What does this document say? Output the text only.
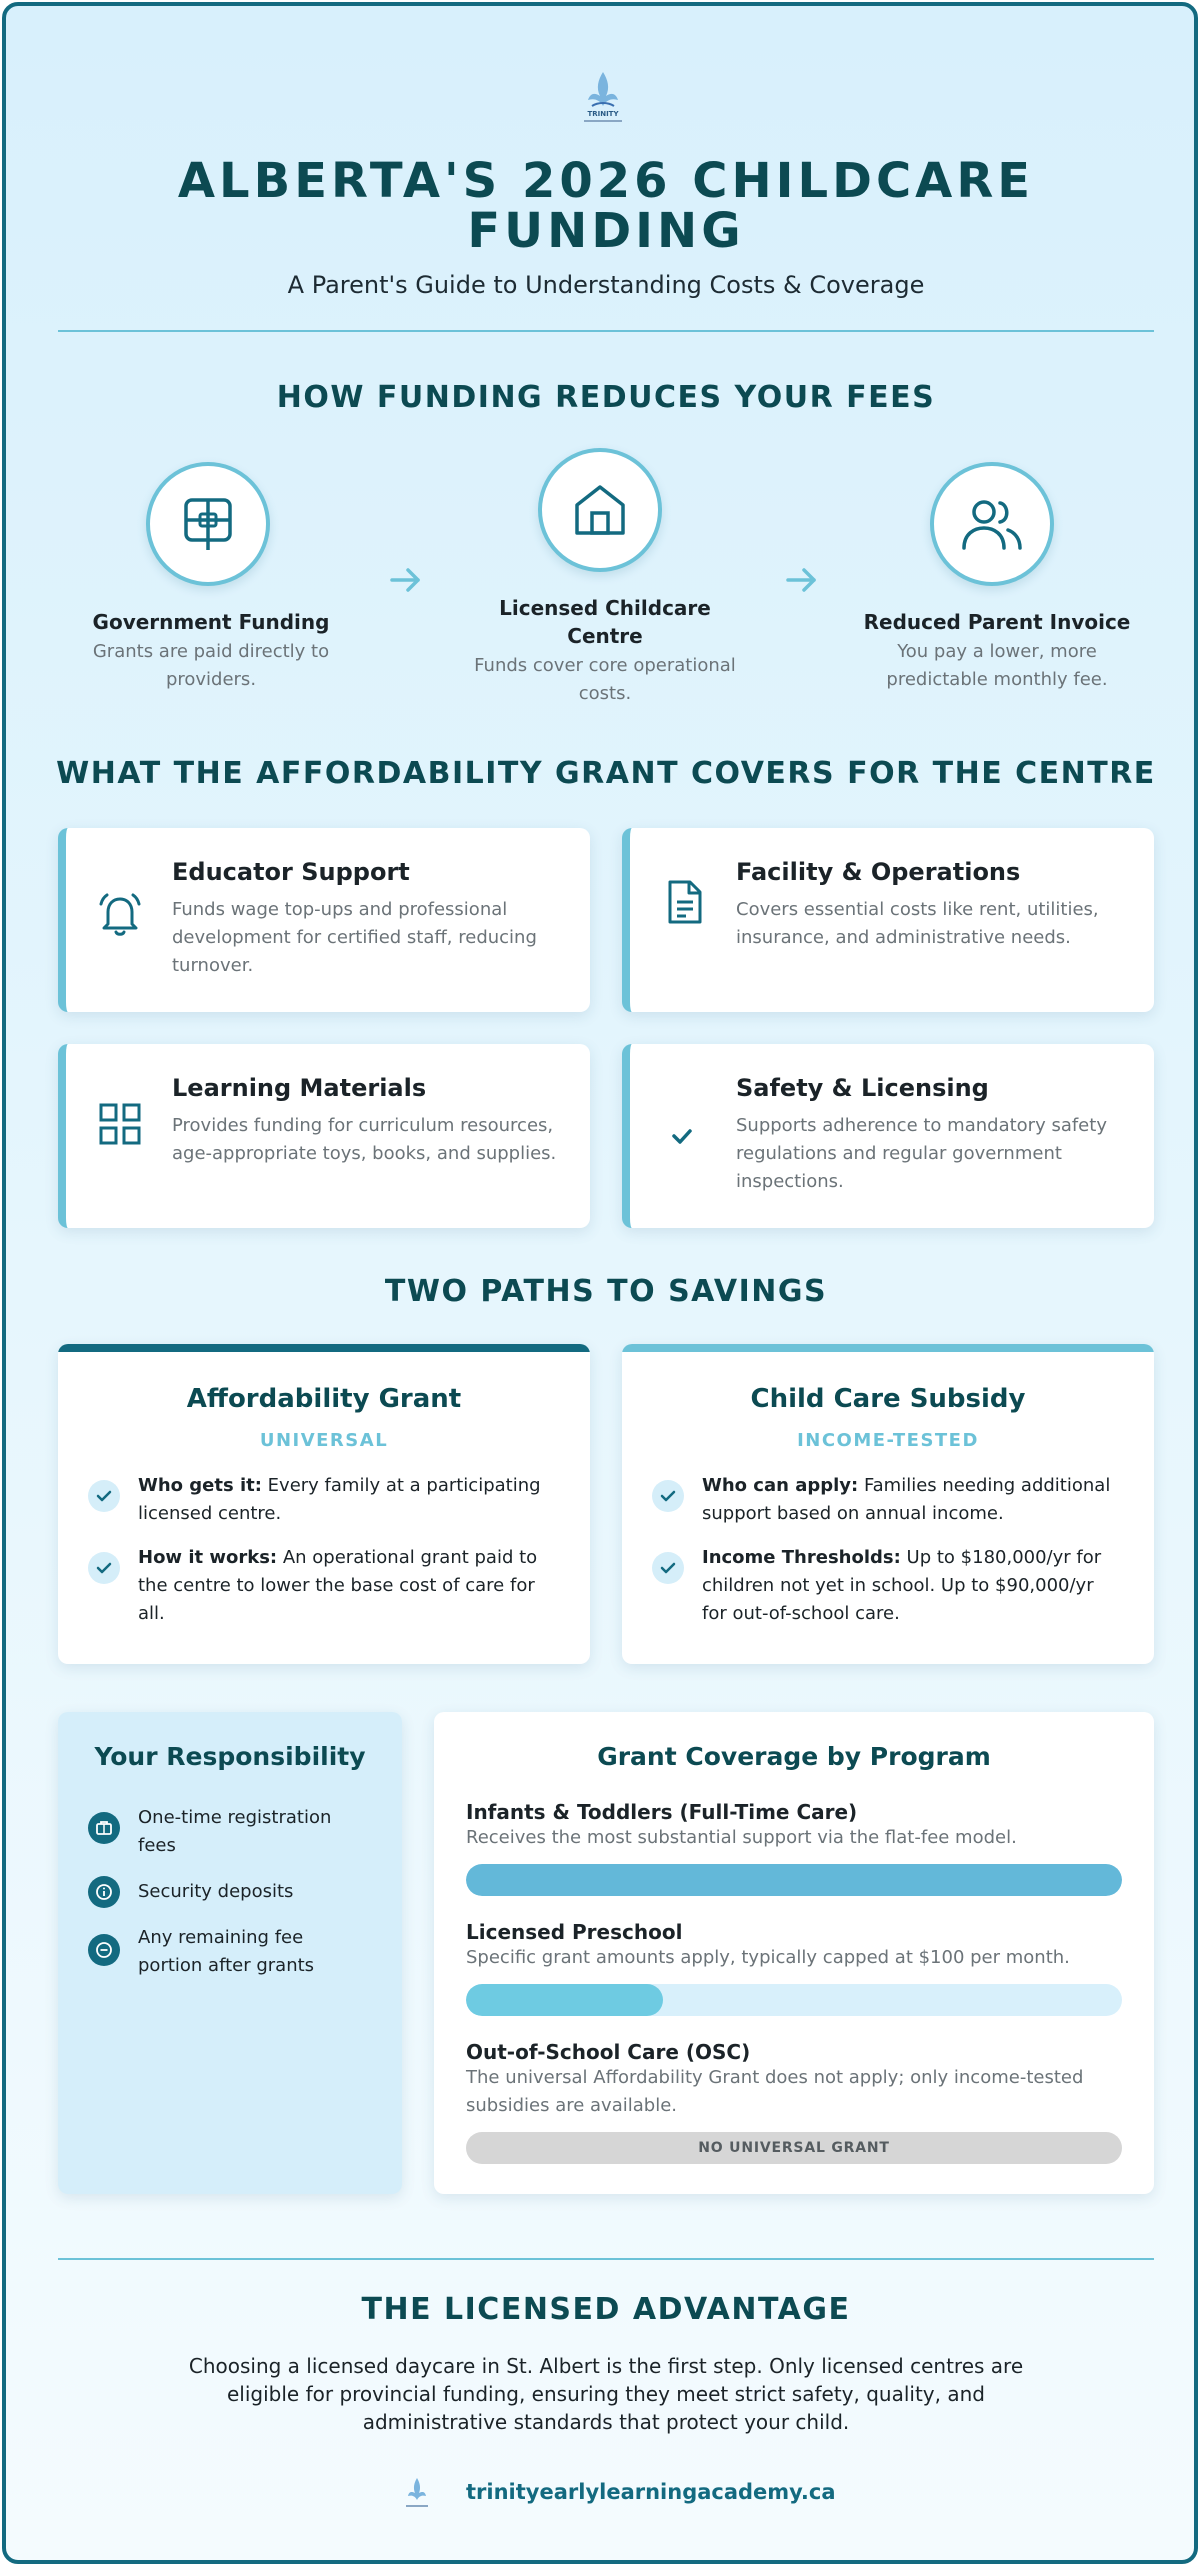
TRINITY
ALBERTA'S 2026 CHILDCARE FUNDING
A Parent's Guide to Understanding Costs & Coverage
HOW FUNDING REDUCES YOUR FEES
Government Funding
Grants are paid directly to providers.
Licensed Childcare Centre
Funds cover core operational costs.
Reduced Parent Invoice
You pay a lower, more predictable monthly fee.
WHAT THE AFFORDABILITY GRANT COVERS FOR THE CENTRE
Educator Support
Funds wage top-ups and professional development for certified staff, reducing turnover.
Facility & Operations
Covers essential costs like rent, utilities, insurance, and administrative needs.
Learning Materials
Provides funding for curriculum resources, age-appropriate toys, books, and supplies.
Safety & Licensing
Supports adherence to mandatory safety regulations and regular government inspections.
TWO PATHS TO SAVINGS
Affordability Grant
UNIVERSAL
Who gets it: Every family at a participating licensed centre.
How it works: An operational grant paid to the centre to lower the base cost of care for all.
Child Care Subsidy
INCOME-TESTED
Who can apply: Families needing additional support based on annual income.
Income Thresholds: Up to $180,000/yr for children not yet in school. Up to $90,000/yr for out-of-school care.
Your Responsibility
One-time registration fees
Security deposits
Any remaining fee portion after grants
Grant Coverage by Program
Infants & Toddlers (Full-Time Care)
Receives the most substantial support via the flat-fee model.
Licensed Preschool
Specific grant amounts apply, typically capped at $100 per month.
Out-of-School Care (OSC)
The universal Affordability Grant does not apply; only income-tested subsidies are available.
NO UNIVERSAL GRANT
THE LICENSED ADVANTAGE
Choosing a licensed daycare in St. Albert is the first step. Only licensed centres are eligible for provincial funding, ensuring they meet strict safety, quality, and administrative standards that protect your child.
trinityearlylearningacademy.ca
